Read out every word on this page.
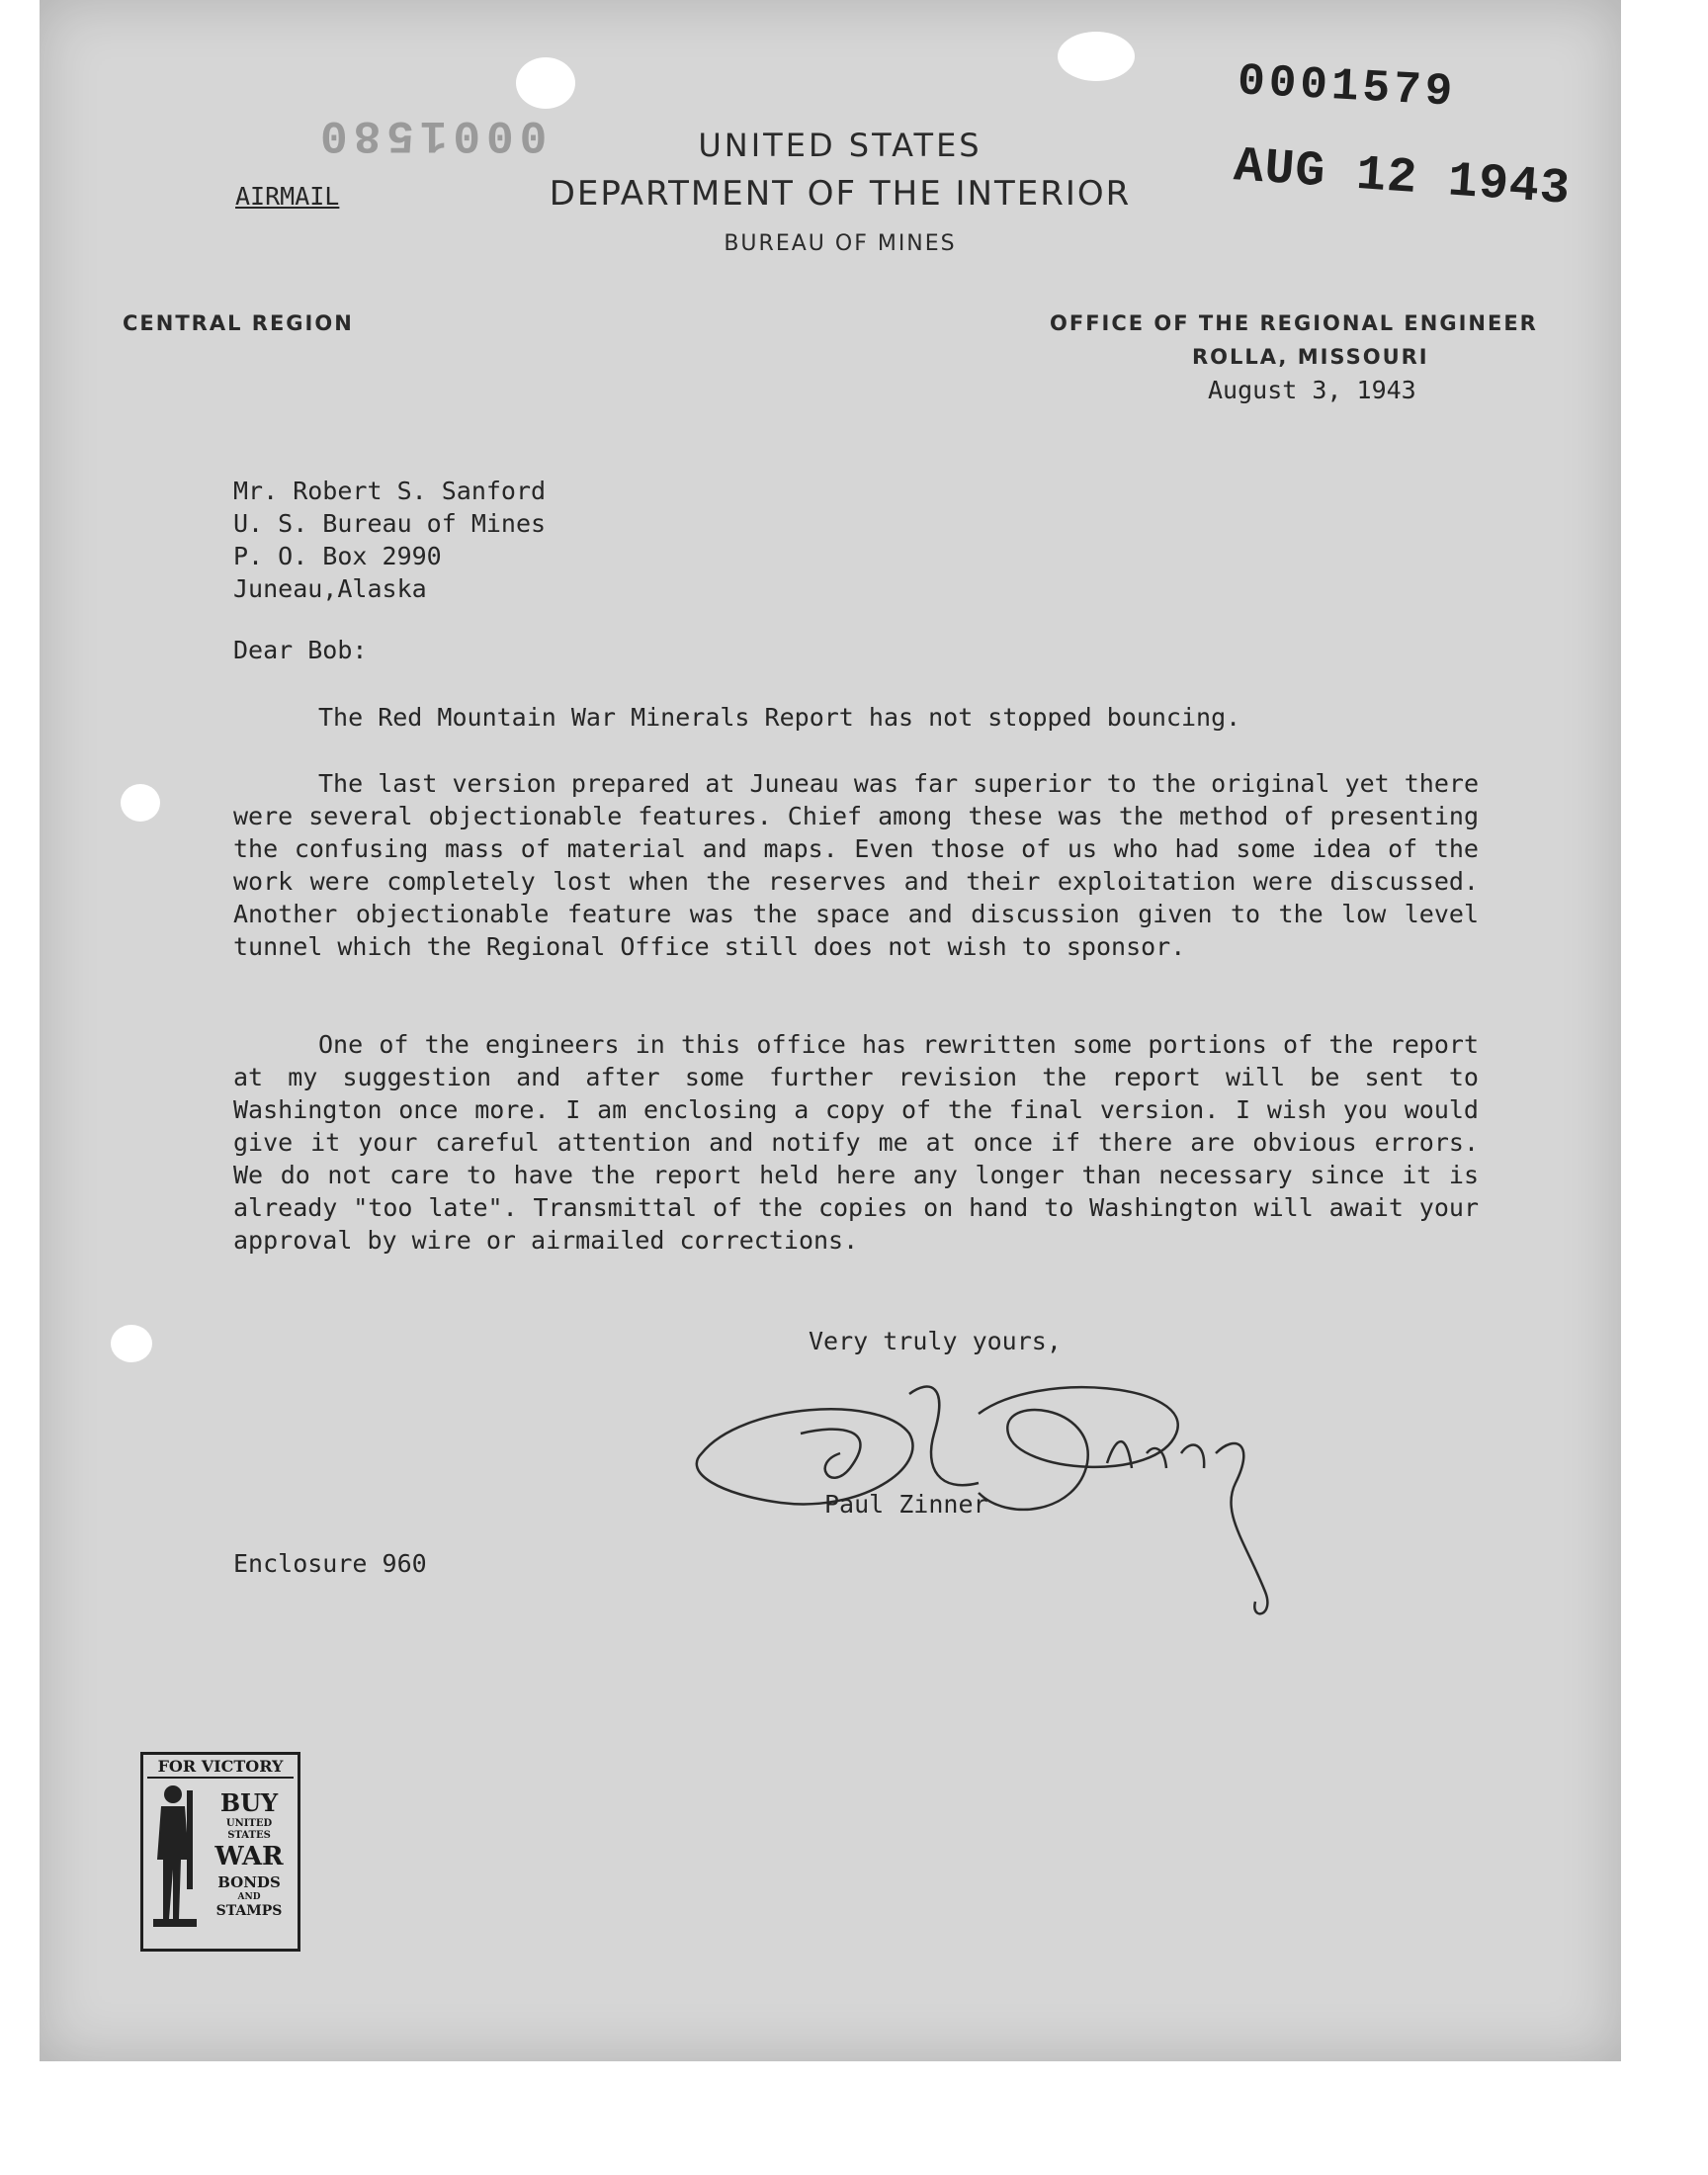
0001580
0001579
AUG 12 1943
AIRMAIL
UNITED STATES
DEPARTMENT OF THE INTERIOR
BUREAU OF MINES
CENTRAL REGION	OFFICE OF THE REGIONAL ENGINEER
ROLLA, MISSOURI
August 3, 1943
Mr. Robert S. Sanford
U. S. Bureau of Mines
P. O. Box 2990
Juneau,Alaska
Dear Bob:
The Red Mountain War Minerals Report has not stopped bouncing.
The last version prepared at Juneau was far superior to the original yet there were several objectionable features. Chief among these was the method of presenting the confusing mass of material and maps. Even those of us who had some idea of the work were completely lost when the reserves and their exploitation were discussed. Another objectionable feature was the space and discussion given to the low level tunnel which the Regional Office still does not wish to sponsor.
One of the engineers in this office has rewritten some portions of the report at my suggestion and after some further revision the report will be sent to Washington once more. I am enclosing a copy of the final version. I wish you would give it your careful attention and notify me at once if there are obvious errors. We do not care to have the report held here any longer than necessary since it is already "too late". Transmittal of the copies on hand to Washington will await your approval by wire or airmailed corrections.
Very truly yours,
Paul Zinner
Enclosure 960
FOR VICTORY
BUY
UNITED
STATES
WAR
BONDS
AND
STAMPS
